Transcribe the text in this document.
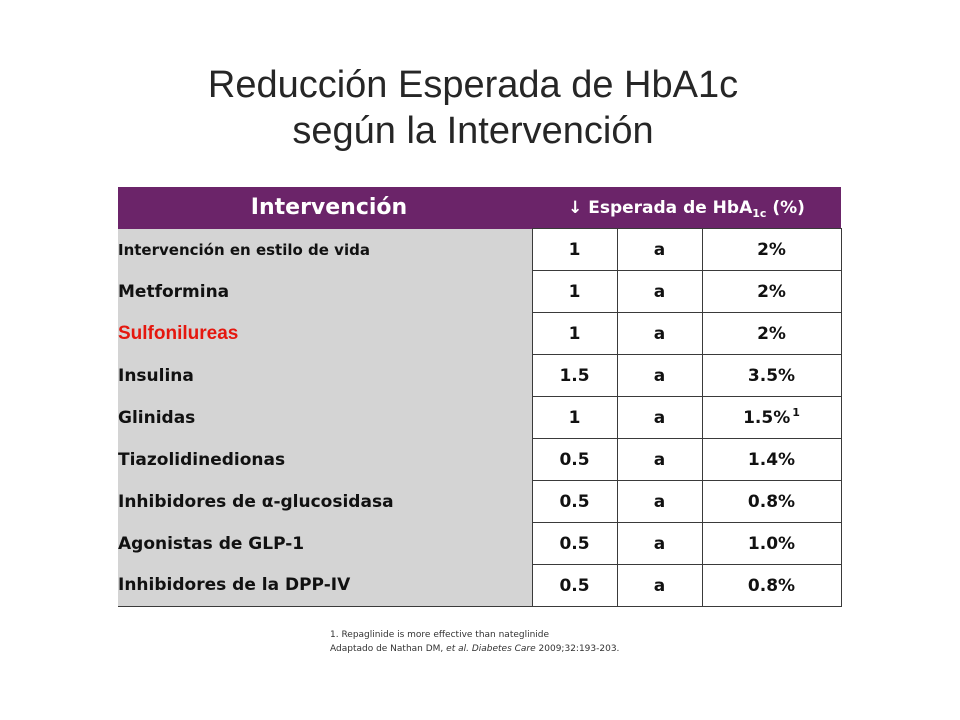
Reducción Esperada de HbA1c
según la Intervención
Intervención	↓ Esperada de HbA$_{1c}$ (%)		
Intervención en estilo de vida	1	a	2%
Metformina	1	a	2%
Sulfonilureas	1	a	2%
Insulina	1.5	a	3.5%
Glinidas	1	a	1.5% $^1$
Tiazolidinedionas	0.5	a	1.4%
Inhibidores de α-glucosidasa	0.5	a	0.8%
Agonistas de GLP-1	0.5	a	1.0%
Inhibidores de la DPP-IV	0.5	a	0.8%
1. Repaglinide is more effective than nateglinide
Adaptado de Nathan DM, et al. Diabetes Care 2009;32:193-203.
